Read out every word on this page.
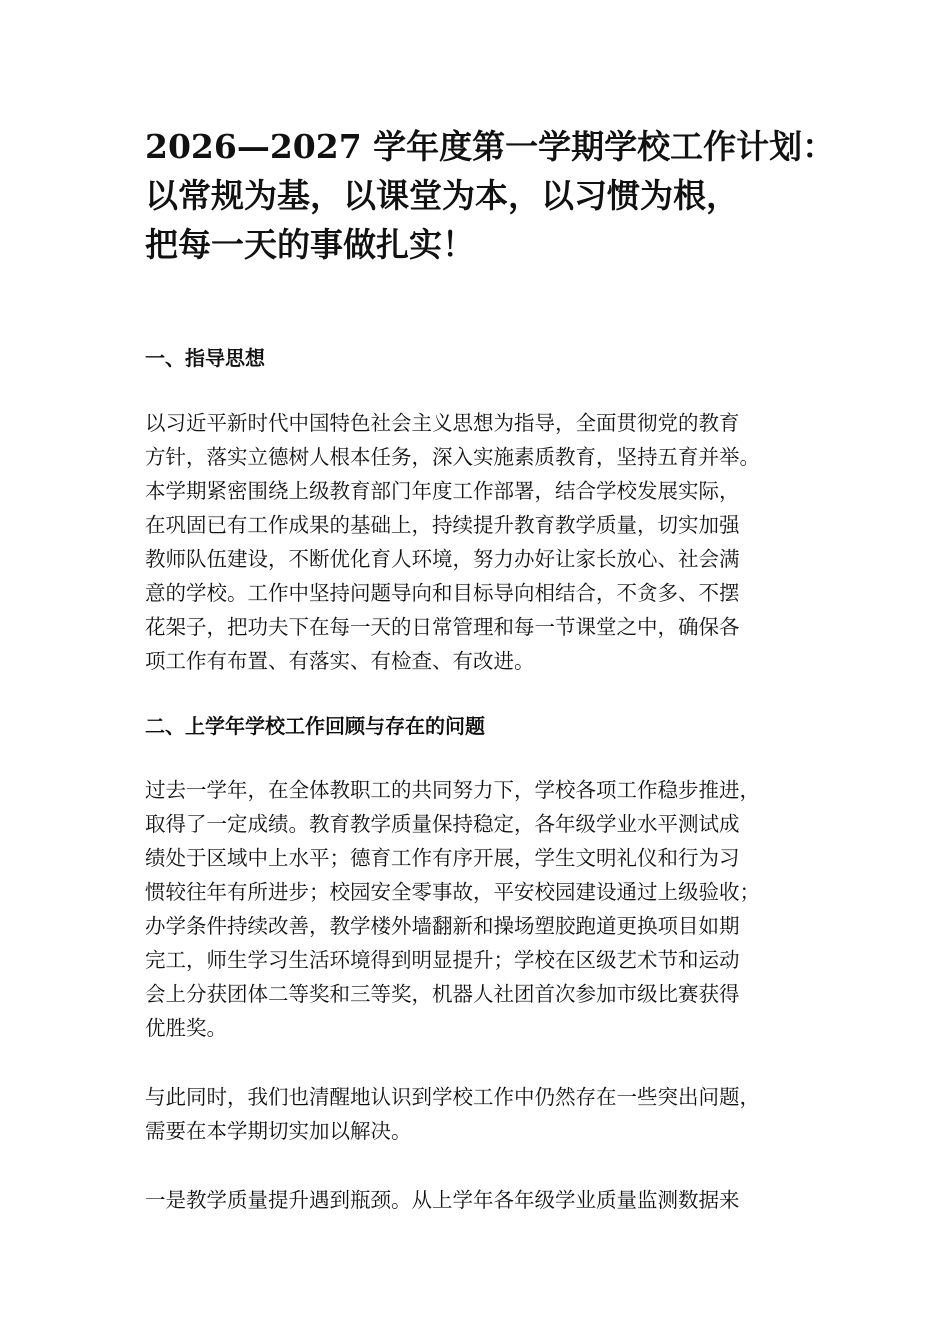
2026—2027 学年度第一学期学校工作计划：
以常规为基，以课堂为本，以习惯为根，
把每一天的事做扎实！
一、指导思想
以习近平新时代中国特色社会主义思想为指导，全面贯彻党的教育
方针，落实立德树人根本任务，深入实施素质教育，坚持五育并举。
本学期紧密围绕上级教育部门年度工作部署，结合学校发展实际，
在巩固已有工作成果的基础上，持续提升教育教学质量，切实加强
教师队伍建设，不断优化育人环境，努力办好让家长放心、社会满
意的学校。工作中坚持问题导向和目标导向相结合，不贪多、不摆
花架子，把功夫下在每一天的日常管理和每一节课堂之中，确保各
项工作有布置、有落实、有检查、有改进。
二、上学年学校工作回顾与存在的问题
过去一学年，在全体教职工的共同努力下，学校各项工作稳步推进，
取得了一定成绩。教育教学质量保持稳定，各年级学业水平测试成
绩处于区域中上水平；德育工作有序开展，学生文明礼仪和行为习
惯较往年有所进步；校园安全零事故，平安校园建设通过上级验收；
办学条件持续改善，教学楼外墙翻新和操场塑胶跑道更换项目如期
完工，师生学习生活环境得到明显提升；学校在区级艺术节和运动
会上分获团体二等奖和三等奖，机器人社团首次参加市级比赛获得
优胜奖。
与此同时，我们也清醒地认识到学校工作中仍然存在一些突出问题，
需要在本学期切实加以解决。
一是教学质量提升遇到瓶颈。从上学年各年级学业质量监测数据来
